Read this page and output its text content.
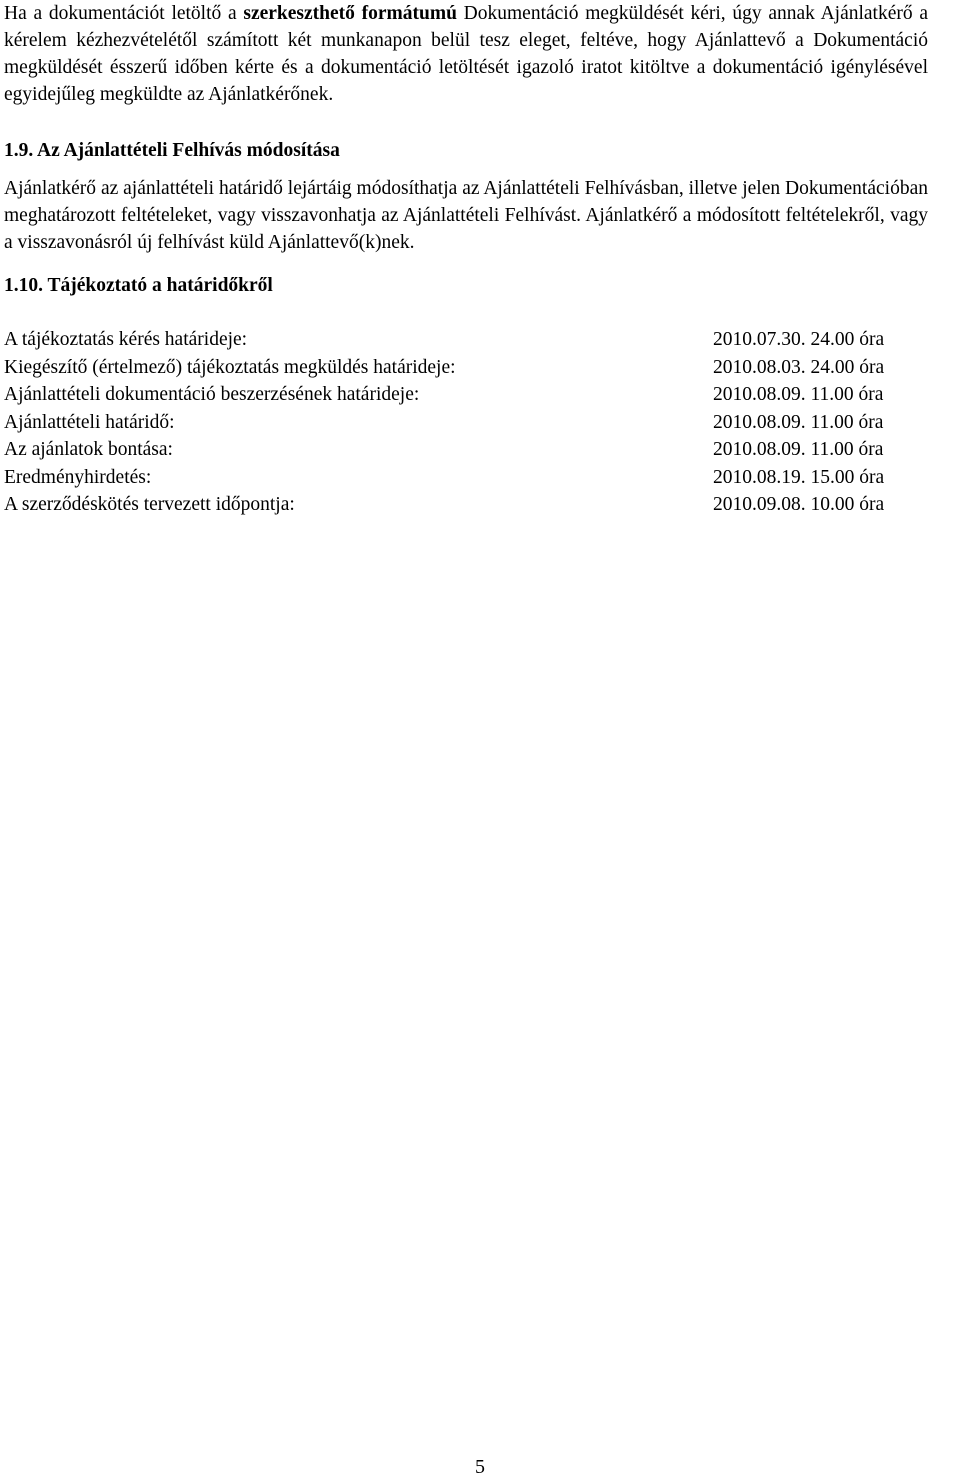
Ha a dokumentációt letöltő a szerkeszthető formátumú Dokumentáció megküldését kéri, úgy annak Ajánlatkérő a kérelem kézhezvételétől számított két munkanapon belül tesz eleget, feltéve, hogy Ajánlattevő a Dokumentáció megküldését ésszerű időben kérte és a dokumentáció letöltését igazoló iratot kitöltve a dokumentáció igénylésével egyidejűleg megküldte az Ajánlatkérőnek.

1.9. Az Ajánlattételi Felhívás módosítása

Ajánlatkérő az ajánlattételi határidő lejártáig módosíthatja az Ajánlattételi Felhívásban, illetve jelen Dokumentációban meghatározott feltételeket, vagy visszavonhatja az Ajánlattételi Felhívást. Ajánlatkérő a módosított feltételekről, vagy a visszavonásról új felhívást küld Ajánlattevő(k)nek.

1.10. Tájékoztató a határidőkről

A tájékoztatás kérés határideje:	2010.07.30. 24.00 óra
Kiegészítő (értelmező) tájékoztatás megküldés határideje:	2010.08.03. 24.00 óra
Ajánlattételi dokumentáció beszerzésének határideje:	2010.08.09. 11.00 óra
Ajánlattételi határidő:	2010.08.09. 11.00 óra
Az ajánlatok bontása:	2010.08.09. 11.00 óra
Eredményhirdetés:	2010.08.19. 15.00 óra
A szerződéskötés tervezett időpontja:	2010.09.08. 10.00 óra
5
